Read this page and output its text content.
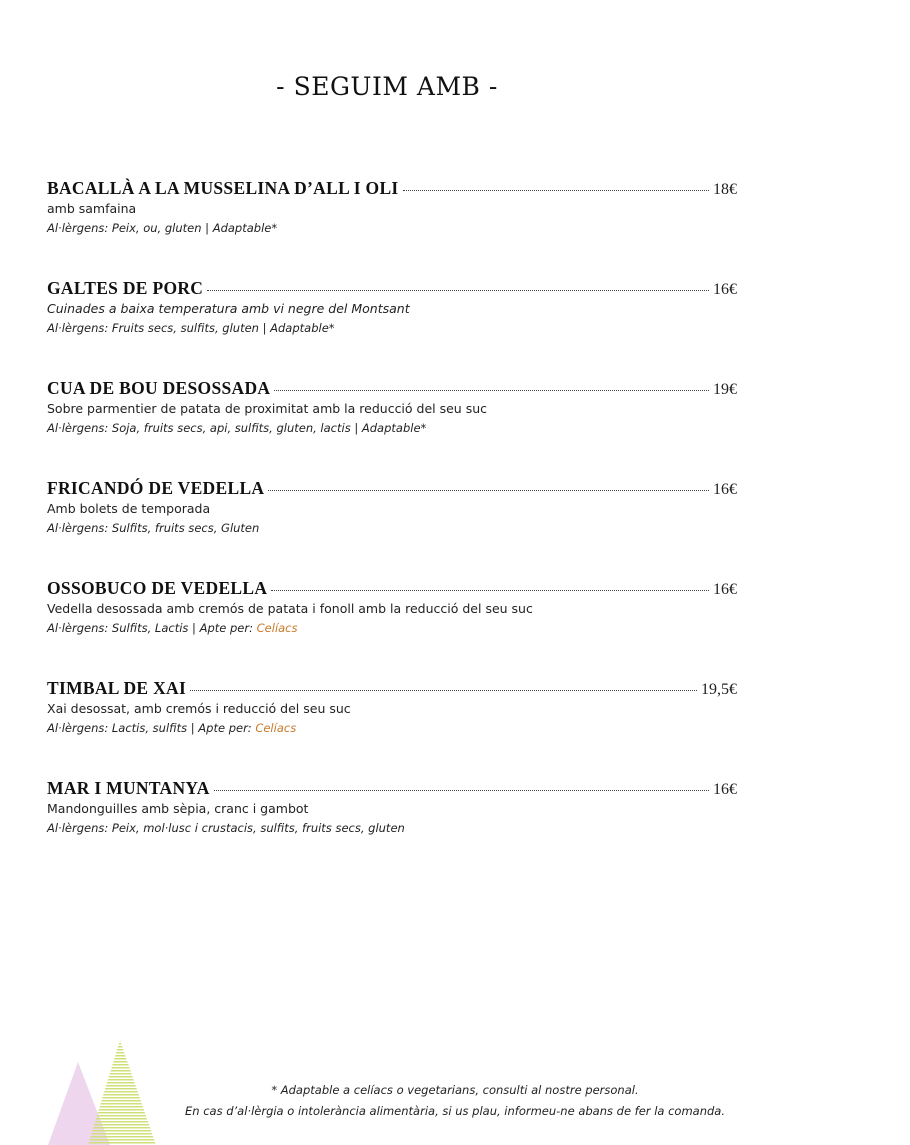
- SEGUIM AMB -
BACALLÀ A LA MUSSELINA D’ALL I OLI	18€
amb samfaina
Al·lèrgens: Peix, ou, gluten | Adaptable*
GALTES DE PORC	16€
Cuinades a baixa temperatura amb vi negre del Montsant
Al·lèrgens: Fruits secs, sulfits, gluten | Adaptable*
CUA DE BOU DESOSSADA	19€
Sobre parmentier de patata de proximitat amb la reducció del seu suc
Al·lèrgens: Soja, fruits secs, api, sulfits, gluten, lactis | Adaptable*
FRICANDÓ DE VEDELLA	16€
Amb bolets de temporada
Al·lèrgens: Sulfits, fruits secs, Gluten
OSSOBUCO DE VEDELLA	16€
Vedella desossada amb cremós de patata i fonoll amb la reducció del seu suc
Al·lèrgens: Sulfits, Lactis | Apte per: Celíacs
TIMBAL DE XAI	19,5€
Xai desossat, amb cremós i reducció del seu suc
Al·lèrgens: Lactis, sulfits | Apte per: Celíacs
MAR I MUNTANYA	16€
Mandonguilles amb sèpia, cranc i gambot
Al·lèrgens: Peix, mol·lusc i crustacis, sulfits, fruits secs, gluten
* Adaptable a celíacs o vegetarians, consulti al nostre personal.
En cas d’al·lèrgia o intolerància alimentària, si us plau, informeu-ne abans de fer la comanda.
